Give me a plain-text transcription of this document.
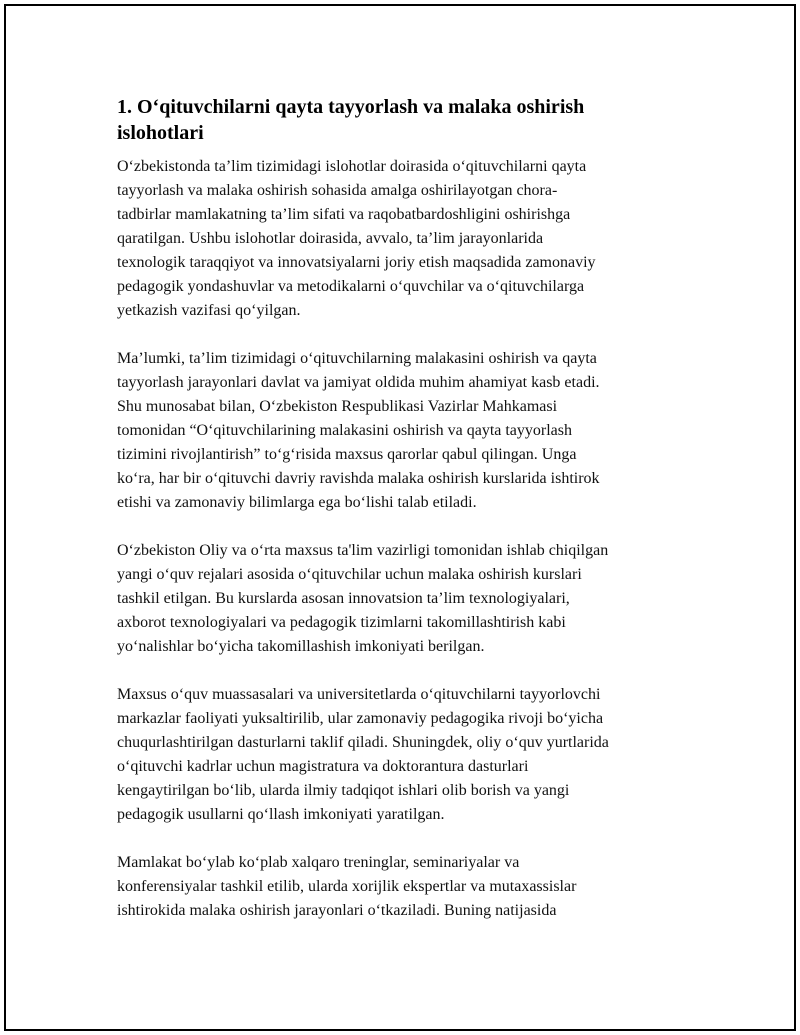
1. O‘qituvchilarni qayta tayyorlash va malaka oshirish
islohotlari

O‘zbekistonda ta’lim tizimidagi islohotlar doirasida o‘qituvchilarni qayta
tayyorlash va malaka oshirish sohasida amalga oshirilayotgan chora-
tadbirlar mamlakatning ta’lim sifati va raqobatbardoshligini oshirishga
qaratilgan. Ushbu islohotlar doirasida, avvalo, ta’lim jarayonlarida
texnologik taraqqiyot va innovatsiyalarni joriy etish maqsadida zamonaviy
pedagogik yondashuvlar va metodikalarni o‘quvchilar va o‘qituvchilarga
yetkazish vazifasi qo‘yilgan.

Ma’lumki, ta’lim tizimidagi o‘qituvchilarning malakasini oshirish va qayta
tayyorlash jarayonlari davlat va jamiyat oldida muhim ahamiyat kasb etadi.
Shu munosabat bilan, O‘zbekiston Respublikasi Vazirlar Mahkamasi
tomonidan “O‘qituvchilarining malakasini oshirish va qayta tayyorlash
tizimini rivojlantirish” to‘g‘risida maxsus qarorlar qabul qilingan. Unga
ko‘ra, har bir o‘qituvchi davriy ravishda malaka oshirish kurslarida ishtirok
etishi va zamonaviy bilimlarga ega bo‘lishi talab etiladi.

O‘zbekiston Oliy va o‘rta maxsus ta'lim vazirligi tomonidan ishlab chiqilgan
yangi o‘quv rejalari asosida o‘qituvchilar uchun malaka oshirish kurslari
tashkil etilgan. Bu kurslarda asosan innovatsion ta’lim texnologiyalari,
axborot texnologiyalari va pedagogik tizimlarni takomillashtirish kabi
yo‘nalishlar bo‘yicha takomillashish imkoniyati berilgan.

Maxsus o‘quv muassasalari va universitetlarda o‘qituvchilarni tayyorlovchi
markazlar faoliyati yuksaltirilib, ular zamonaviy pedagogika rivoji bo‘yicha
chuqurlashtirilgan dasturlarni taklif qiladi. Shuningdek, oliy o‘quv yurtlarida
o‘qituvchi kadrlar uchun magistratura va doktorantura dasturlari
kengaytirilgan bo‘lib, ularda ilmiy tadqiqot ishlari olib borish va yangi
pedagogik usullarni qo‘llash imkoniyati yaratilgan.

Mamlakat bo‘ylab ko‘plab xalqaro treninglar, seminariyalar va
konferensiyalar tashkil etilib, ularda xorijlik ekspertlar va mutaxassislar
ishtirokida malaka oshirish jarayonlari o‘tkaziladi. Buning natijasida
